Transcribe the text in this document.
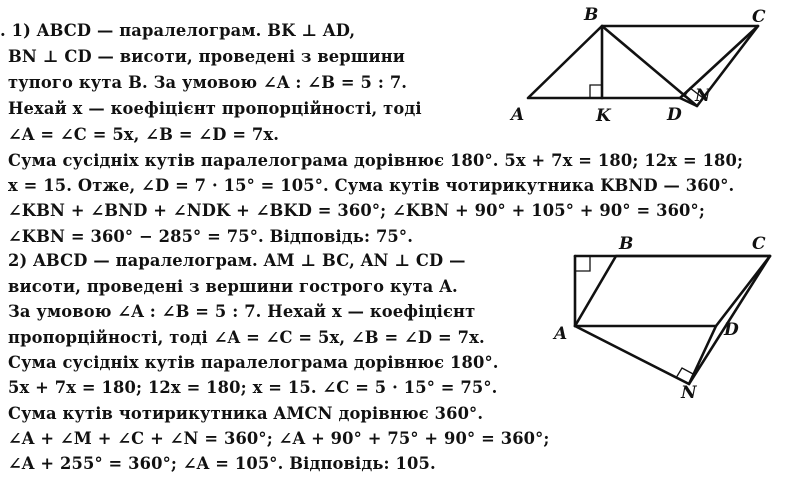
. 1) ABCD — паралелограм. BK ⊥ AD,
BN ⊥ CD — висоти, проведені з вершини
тупого кута B. За умовою ∠A : ∠B = 5 : 7.
Нехай x — коефіцієнт пропорційності, тоді
∠A = ∠C = 5x, ∠B = ∠D = 7x.
Сума сусідніх кутів паралелограма дорівнює 180°. 5x + 7x = 180; 12x = 180;
x = 15. Отже, ∠D = 7 · 15° = 105°. Сума кутів чотирикутника KBND — 360°.
∠KBN + ∠BND + ∠NDK + ∠BKD = 360°; ∠KBN + 90° + 105° + 90° = 360°;
∠KBN = 360° − 285° = 75°. Відповідь: 75°.
2) ABCD — паралелограм. AM ⊥ BC, AN ⊥ CD —
висоти, проведені з вершини гострого кута A.
За умовою ∠A : ∠B = 5 : 7. Нехай x — коефіцієнт
пропорційності, тоді ∠A = ∠C = 5x, ∠B = ∠D = 7x.
Сума сусідніх кутів паралелограма дорівнює 180°.
5x + 7x = 180; 12x = 180; x = 15. ∠C = 5 · 15° = 75°.
Сума кутів чотирикутника AMCN дорівнює 360°.
∠A + ∠M + ∠C + ∠N = 360°; ∠A + 90° + 75° + 90° = 360°;
∠A + 255° = 360°; ∠A = 105°. Відповідь: 105.
B	C
A	K	D
N
B	C
A	D
N
